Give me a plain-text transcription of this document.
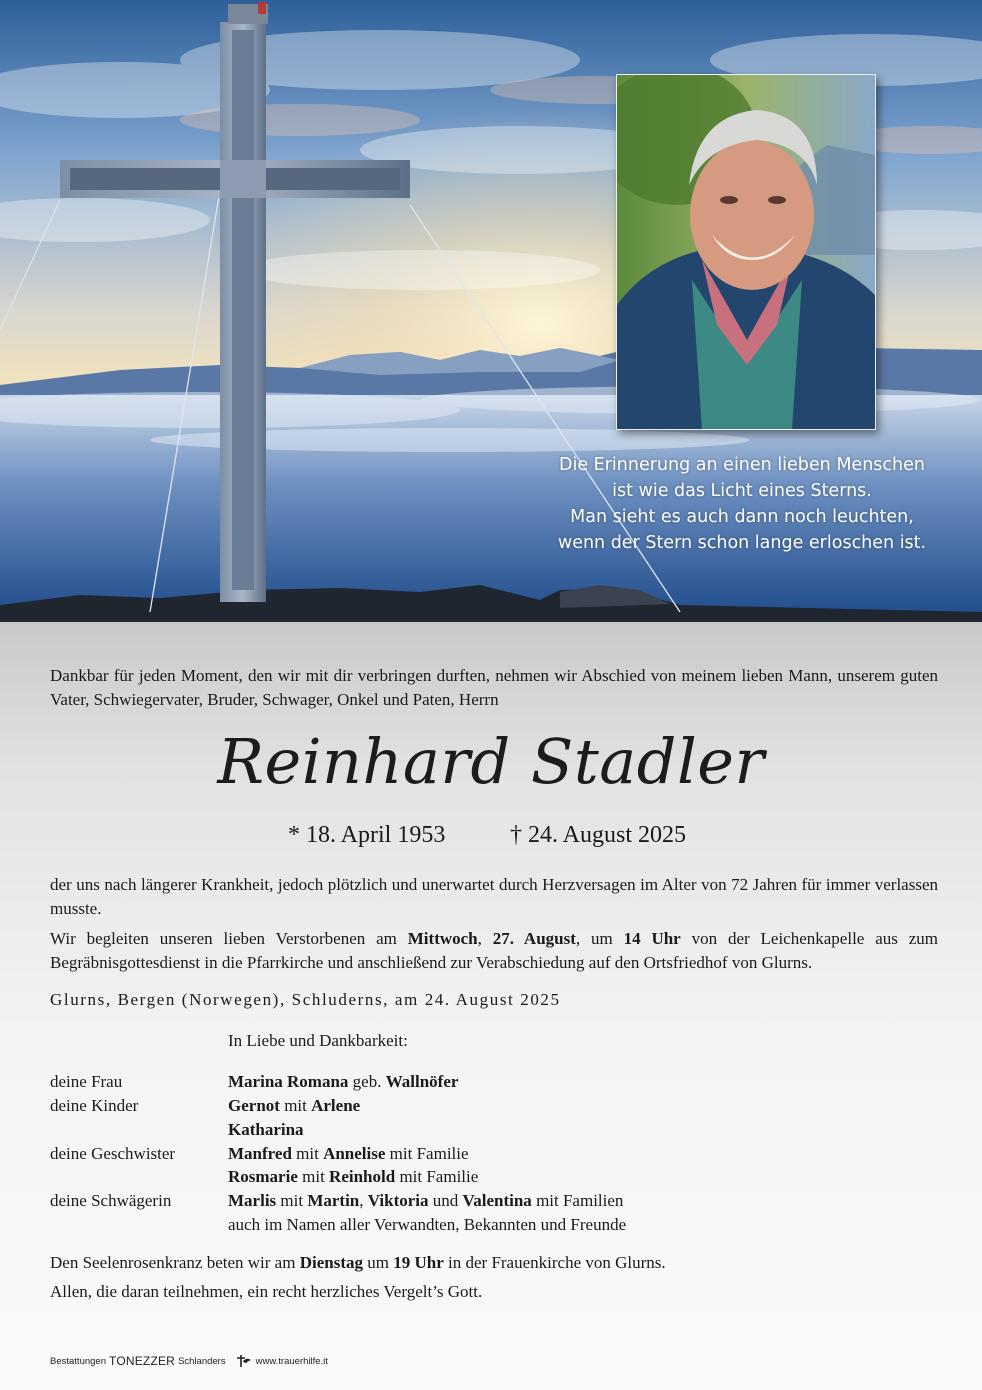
Die Erinnerung an einen lieben Menschen
ist wie das Licht eines Sterns.
Man sieht es auch dann noch leuchten,
wenn der Stern schon lange erloschen ist.
Dankbar für jeden Moment, den wir mit dir verbringen durften, nehmen wir Abschied von meinem lieben Mann, unserem guten Vater, Schwiegervater, Bruder, Schwager, Onkel und Paten, Herrn
Reinhard Stadler
* 18. April 1953	† 24. August 2025
der uns nach längerer Krankheit, jedoch plötzlich und unerwartet durch Herzversagen im Alter von 72 Jahren für immer verlassen musste.
Wir begleiten unseren lieben Verstorbenen am Mittwoch, 27. August, um 14 Uhr von der Leichenkapelle aus zum Begräbnisgottesdienst in die Pfarrkirche und anschließend zur Verabschiedung auf den Ortsfriedhof von Glurns.
Glurns, Bergen (Norwegen), Schluderns, am 24. August 2025
In Liebe und Dankbarkeit:
deine Frau	Marina Romana geb. Wallnöfer
deine Kinder	Gernot mit Arlene
Katharina
deine Geschwister	Manfred mit Annelise mit Familie
Rosmarie mit Reinhold mit Familie
deine Schwägerin	Marlis mit Martin, Viktoria und Valentina mit Familien
auch im Namen aller Verwandten, Bekannten und Freunde
Den Seelenrosenkranz beten wir am Dienstag um 19 Uhr in der Frauenkirche von Glurns.
Allen, die daran teilnehmen, ein recht herzliches Vergelt’s Gott.
Bestattungen TONEZZER Schlanders	www.trauerhilfe.it
